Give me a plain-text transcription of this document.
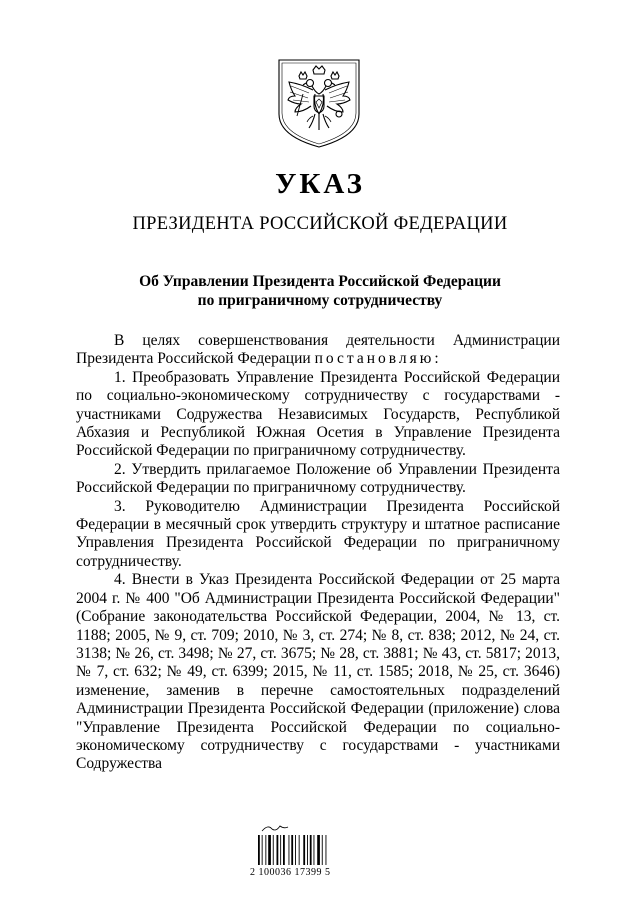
УКАЗ
ПРЕЗИДЕНТА РОССИЙСКОЙ ФЕДЕРАЦИИ
Об Управлении Президента Российской Федерации
по приграничному сотрудничеству

В целях совершенствования деятельности Администрации Президента Российской Федерации постановляю:

1. Преобразовать Управление Президента Российской Федерации по социально-экономическому сотрудничеству с государствами - участниками Содружества Независимых Государств, Республикой Абхазия и Республикой Южная Осетия в Управление Президента Российской Федерации по приграничному сотрудничеству.

2. Утвердить прилагаемое Положение об Управлении Президента Российской Федерации по приграничному сотрудничеству.

3. Руководителю Администрации Президента Российской Федерации в месячный срок утвердить структуру и штатное расписание Управления Президента Российской Федерации по приграничному сотрудничеству.

4. Внести в Указ Президента Российской Федерации от 25 марта 2004 г. № 400 "Об Администрации Президента Российской Федерации" (Собрание законодательства Российской Федерации, 2004, № 13, ст. 1188; 2005, № 9, ст. 709; 2010, № 3, ст. 274; № 8, ст. 838; 2012, № 24, ст. 3138; № 26, ст. 3498; № 27, ст. 3675; № 28, ст. 3881; № 43, ст. 5817; 2013, № 7, ст. 632; № 49, ст. 6399; 2015, № 11, ст. 1585; 2018, № 25, ст. 3646) изменение, заменив в перечне самостоятельных подразделений Администрации Президента Российской Федерации (приложение) слова "Управление Президента Российской Федерации по социально-экономическому сотрудничеству с государствами - участниками Содружества

2 100036 17399 5
